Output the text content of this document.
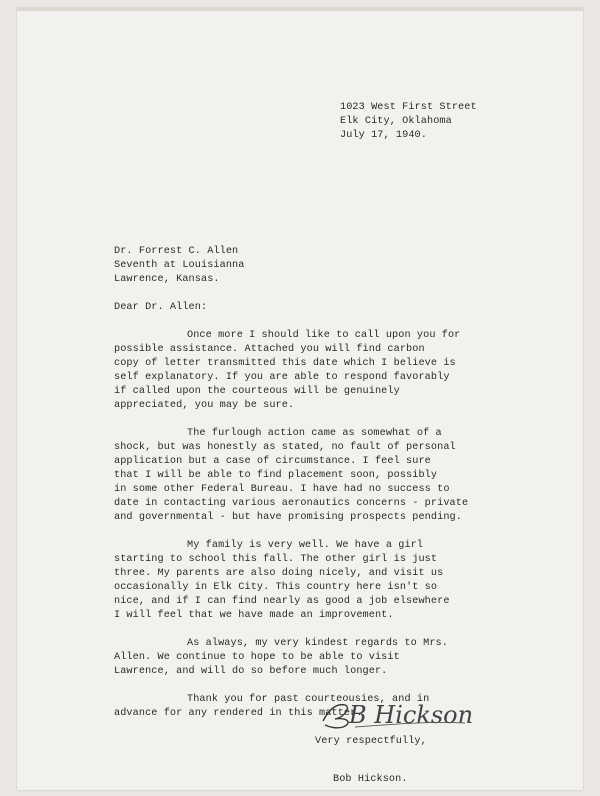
1023 West First Street
Elk City, Oklahoma
July 17, 1940.
Dr. Forrest C. Allen
Seventh at Louisianna
Lawrence, Kansas.
Dear Dr. Allen:
Once more I should like to call upon you for
possible assistance. Attached you will find carbon
copy of letter transmitted this date which I believe is
self explanatory. If you are able to respond favorably
if called upon the courteous will be genuinely
appreciated, you may be sure.
The furlough action came as somewhat of a
shock, but was honestly as stated, no fault of personal
application but a case of circumstance. I feel sure
that I will be able to find placement soon, possibly
in some other Federal Bureau. I have had no success to
date in contacting various aeronautics concerns - private
and governmental - but have promising prospects pending.
My family is very well. We have a girl
starting to school this fall. The other girl is just
three. My parents are also doing nicely, and visit us
occasionally in Elk City. This country here isn't so
nice, and if I can find nearly as good a job elsewhere
I will feel that we have made an improvement.
As always, my very kindest regards to Mrs.
Allen. We continue to hope to be able to visit
Lawrence, and will do so before much longer.
Thank you for past courteousies, and in
advance for any rendered in this matter.
Very respectfully,
B Hickson
Bob Hickson.
